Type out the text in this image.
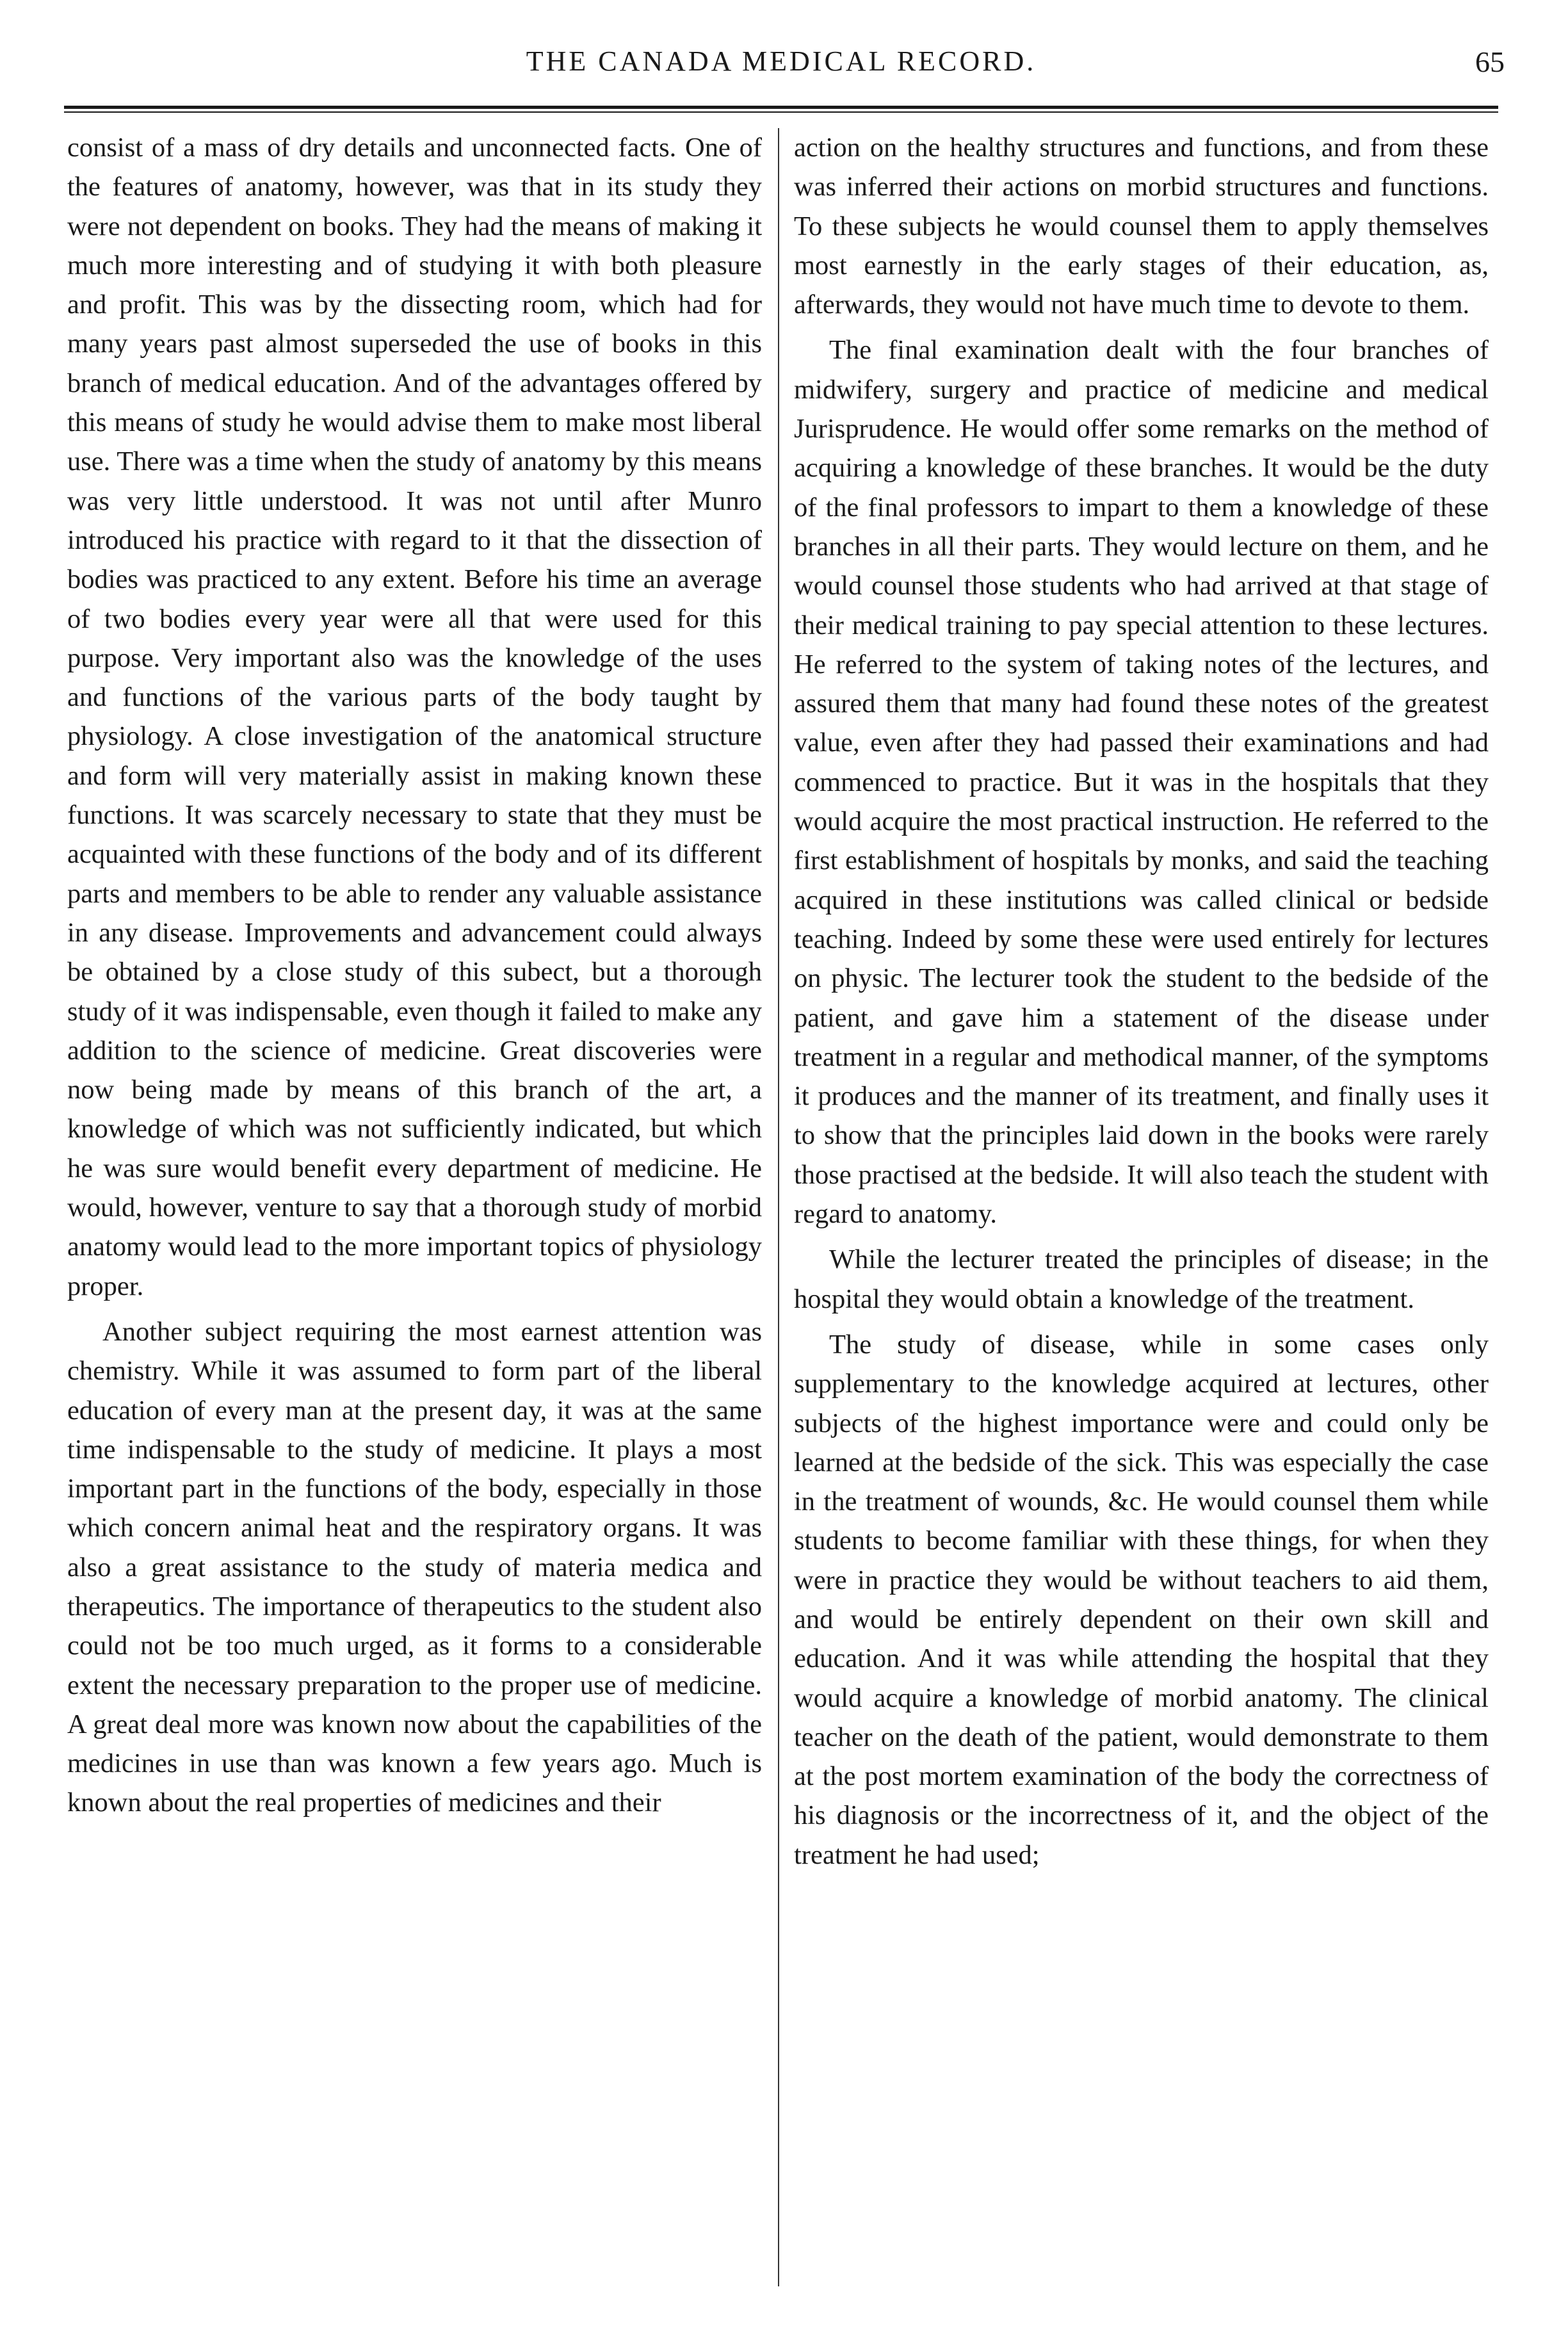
THE CANADA MEDICAL RECORD.	65

consist of a mass of dry details and unconnected facts. One of the features of anatomy, however, was that in its study they were not dependent on books. They had the means of making it much more interesting and of studying it with both pleasure and profit. This was by the dissecting room, which had for many years past almost superseded the use of books in this branch of medical education. And of the advantages offered by this means of study he would advise them to make most liberal use. There was a time when the study of anatomy by this means was very little understood. It was not until after Munro introduced his practice with regard to it that the dissection of bodies was practiced to any extent. Before his time an average of two bodies every year were all that were used for this purpose. Very important also was the knowledge of the uses and functions of the various parts of the body taught by physiology. A close investigation of the anatomical structure and form will very materially assist in making known these functions. It was scarcely necessary to state that they must be acquainted with these functions of the body and of its different parts and members to be able to render any valuable assistance in any disease. Improvements and advancement could always be obtained by a close study of this subect, but a thorough study of it was indispensable, even though it failed to make any addition to the science of medicine. Great discoveries were now being made by means of this branch of the art, a knowledge of which was not sufficiently indicated, but which he was sure would benefit every department of medicine. He would, however, venture to say that a thorough study of morbid anatomy would lead to the more important topics of physiology proper.

Another subject requiring the most earnest attention was chemistry. While it was assumed to form part of the liberal education of every man at the present day, it was at the same time indispensable to the study of medicine. It plays a most important part in the functions of the body, especially in those which concern animal heat and the respiratory organs. It was also a great assistance to the study of materia medica and therapeutics. The importance of therapeutics to the student also could not be too much urged, as it forms to a considerable extent the necessary preparation to the proper use of medicine. A great deal more was known now about the capabilities of the medicines in use than was known a few years ago. Much is known about the real properties of medicines and their

action on the healthy structures and functions, and from these was inferred their actions on morbid structures and functions. To these subjects he would counsel them to apply themselves most earnestly in the early stages of their education, as, afterwards, they would not have much time to devote to them.

The final examination dealt with the four branches of midwifery, surgery and practice of medicine and medical Jurisprudence. He would offer some remarks on the method of acquiring a knowledge of these branches. It would be the duty of the final professors to impart to them a knowledge of these branches in all their parts. They would lecture on them, and he would counsel those students who had arrived at that stage of their medical training to pay special attention to these lectures. He referred to the system of taking notes of the lectures, and assured them that many had found these notes of the greatest value, even after they had passed their examinations and had commenced to practice. But it was in the hospitals that they would acquire the most practical instruction. He referred to the first establishment of hospitals by monks, and said the teaching acquired in these institutions was called clinical or bedside teaching. Indeed by some these were used entirely for lectures on physic. The lecturer took the student to the bedside of the patient, and gave him a statement of the disease under treatment in a regular and methodical manner, of the symptoms it produces and the manner of its treatment, and finally uses it to show that the principles laid down in the books were rarely those practised at the bedside. It will also teach the student with regard to anatomy.

While the lecturer treated the principles of disease; in the hospital they would obtain a knowledge of the treatment.

The study of disease, while in some cases only supplementary to the knowledge acquired at lectures, other subjects of the highest importance were and could only be learned at the bedside of the sick. This was especially the case in the treatment of wounds, &c. He would counsel them while students to become familiar with these things, for when they were in practice they would be without teachers to aid them, and would be entirely dependent on their own skill and education. And it was while attending the hospital that they would acquire a knowledge of morbid anatomy. The clinical teacher on the death of the patient, would demonstrate to them at the post mortem examination of the body the correctness of his diagnosis or the incorrectness of it, and the object of the treatment he had used;
